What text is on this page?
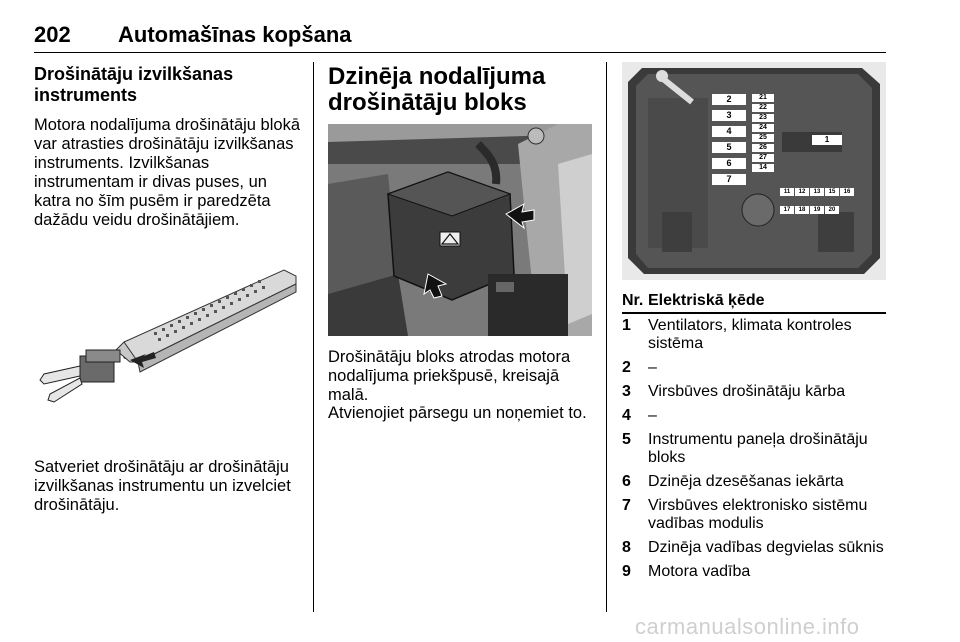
202 Automašīnas kopšana
Drošinātāju izvilkšanas instruments

Motora nodalījuma drošinātāju blokā var atrasties drošinātāju izvilkšanas instruments. Izvilkšanas instrumentam ir divas puses, un katra no šīm pusēm ir paredzēta dažādu veidu drošinātājiem.

Satveriet drošinātāju ar drošinātāju izvilkšanas instrumentu un izvelciet drošinātāju.

Dzinēja nodalījuma drošinātāju bloks

Drošinātāju bloks atrodas motora nodalījuma priekšpusē, kreisajā malā.

Atvienojiet pārsegu un noņemiet to.

2
3
4
5
6
7
21
22
23
24
25
26
27
14
1
11 12 13 15 16
17 18 19 20
Nr.	Elektriskā ķēde
1	Ventilators, klimata kontroles sistēma
2	–
3	Virsbūves drošinātāju kārba
4	–
5	Instrumentu paneļa drošinātāju bloks
6	Dzinēja dzesēšanas iekārta
7	Virsbūves elektronisko sistēmu vadības modulis
8	Dzinēja vadības degvielas sūknis
9	Motora vadība
carmanualsonline.info
